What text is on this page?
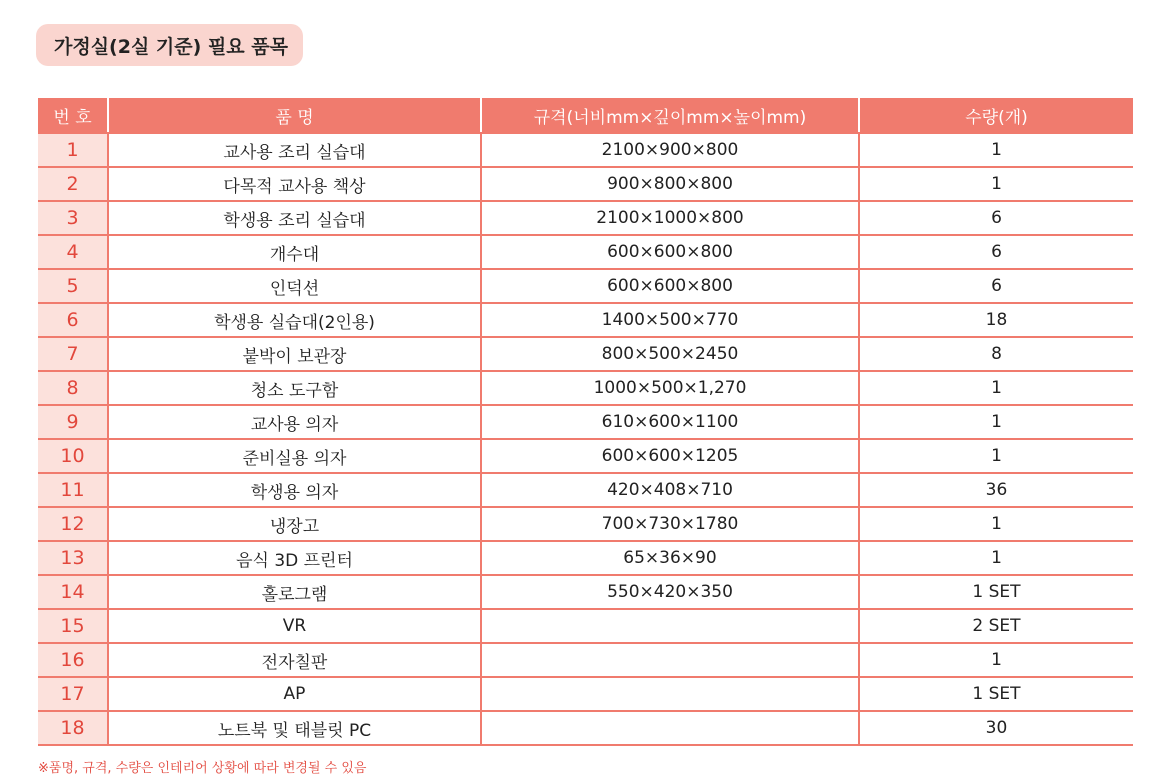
가정실(2실 기준) 필요 품목
번 호	품 명	규격(너비mm×깊이mm×높이mm)	수량(개)
1	교사용 조리 실습대	2100×900×800	1
2	다목적 교사용 책상	900×800×800	1
3	학생용 조리 실습대	2100×1000×800	6
4	개수대	600×600×800	6
5	인덕션	600×600×800	6
6	학생용 실습대(2인용)	1400×500×770	18
7	붙박이 보관장	800×500×2450	8
8	청소 도구함	1000×500×1,270	1
9	교사용 의자	610×600×1100	1
10	준비실용 의자	600×600×1205	1
11	학생용 의자	420×408×710	36
12	냉장고	700×730×1780	1
13	음식 3D 프린터	65×36×90	1
14	홀로그램	550×420×350	1 SET
15	VR		2 SET
16	전자칠판		1
17	AP		1 SET
18	노트북 및 태블릿 PC		30
※품명, 규격, 수량은 인테리어 상황에 따라 변경될 수 있음
